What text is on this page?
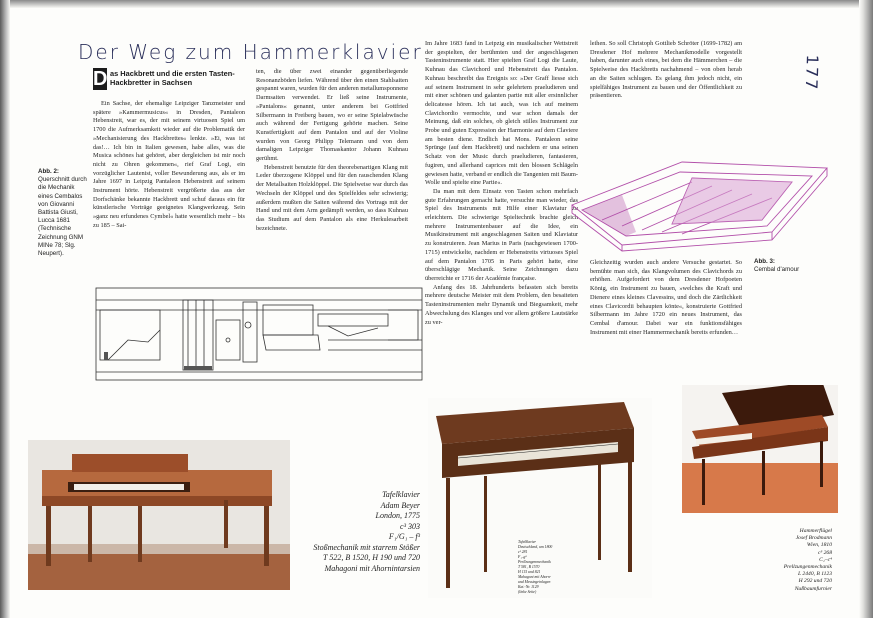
Der Weg zum Hammerklavier
177
D as Hackbrett und die ersten Tasten-Hackbretter in Sachsen

Ein Sachse, der ehemalige Leipziger Tanzmeister und spätere »Kammermusicus« in Dresden, Pantaleon Hebenstreit, war es, der mit seinem virtuosen Spiel um 1700 die Aufmerksamkeit wieder auf die Problematik der »Mechanisierung des Hackbrettes« lenkte. »Ei, was ist das!… Ich bin in Italien gewesen, habe alles, was die Musica schönes hat gehöret, aber dergleichen ist mir noch nicht zu Ohren gekommen«, rief Graf Logi, ein vorzüglicher Lautenist, voller Bewunderung aus, als er im Jahre 1697 in Leipzig Pantaleon Hebenstreit auf seinem Instrument hörte. Hebenstreit vergrößerte das aus der Dorfschänke bekannte Hackbrett und schuf daraus ein für künstlerische Vorträge geeignetes Klangwerkzeug. Sein »ganz neu erfundenes Cymbel« hatte wesentlich mehr – bis zu 185 – Sai-

ten, die über zwei einander gegenüberliegende Resonanzböden liefen. Während über den einen Stahlsaiten gespannt waren, wurden für den anderen metallumsponnene Darmsaiten verwendet. Er ließ seine Instrumente, »Pantalons« genannt, unter anderem bei Gottfried Silbermann in Freiberg bauen, wo er seine Spielabwüsche auch während der Fertigung gehörte machen. Seine Kunstfertigkeit auf dem Pantalon und auf der Violine wurden von Georg Philipp Telemann und von dem damaligen Leipziger Thomaskantor Johann Kuhnau gerühmt.

Hebenstreit benutzte für den theorebenartigen Klang mit Leder überzogene Klöppel und für den rauschenden Klang der Metallsaiten Holzklöppel. Die Spielweise war durch das Wechseln der Klöppel und des Spielfeldes sehr schwierig; außerdem mußten die Saiten während des Vortrags mit der Hand und mit dem Arm gedämpft werden, so dass Kuhnau das Studium auf dem Pantalon als eine Herkulesarbeit bezeichnete.

Im Jahre 1683 fand in Leipzig ein musikalischer Wettstreit der gespielten, der berühmten und der angeschlagenen Tasteninstrumente statt. Hier spielten Graf Logi die Laute, Kuhnau das Clavichord und Hebenstreit das Pantalon. Kuhnau beschreibt das Ereignis so: »Der Graff liesse sich auf seinem Instrument in sehr gelehrtem praeludieren und mit einer schönen und galanten partie mit aller ersinnlicher delicatesse hören. Ich tat auch, was ich auf meinem Clavichordio vermochte, und war schon damals der Meinung, daß ein solches, ob gleich stilles Instrument zur Probe und guten Expression der Harmonie auf dem Claviere am besten diene. Endlich hat Mons. Pantaleon seine Sprünge (auf dem Hackbrett) und nachdem er una seinen Schatz von der Music durch praeludieren, fantasieren, fugiren, und allerhand caprices mit den blossen Schlägeln gewiesen hatte, verband er endlich die Tangenten mit Baum-Wolle und spielte eine Partie«.

Da man mit dem Einsatz von Tasten schon mehrfach gute Erfahrungen gemacht hatte, versuchte man wieder, das Spiel des Instruments mit Hilfe einer Klaviatur zu erleichtern. Die schwierige Spieltechnik brachte gleich mehrere Instrumentenbauer auf die Idee, ein Musikinstrument mit angeschlagenen Saiten und Klaviatur zu konstruieren. Jean Marius in Paris (nachgewiesen 1700-1715) entwickelte, nachdem er Hebenstreits virtuoses Spiel auf dem Pantalon 1705 in Paris gehört hatte, eine überschlägige Mechanik. Seine Zeichnungen dazu überreichte er 1716 der Académie française.

Anfang des 18. Jahrhunderts befassten sich bereits mehrere deutsche Meister mit dem Problem, den besaiteten Tasteninstrumenten mehr Dynamik und Biegsamkeit, mehr Abwechslung des Klanges und vor allem größere Lautstärke zu ver-

leihen. So soll Christoph Gottlieb Schröter (1699-1782) am Dresdener Hof mehrere Mechanikmodelle vorgestellt haben, darunter auch eines, bei dem die Hämmerchen – die Spielweise des Hackbretts nachahmend – von oben herab an die Saiten schlugen. Es gelang ihm jedoch nicht, ein spielfähiges Instrument zu bauen und der Öffentlichkeit zu präsentieren.

Gleichzeitig wurden auch andere Versuche gestartet. So bemühte man sich, das Klangvolumen des Clavichords zu erhöhen. Aufgefordert von dem Dresdener Hofpoeten König, ein Instrument zu bauen, »welches die Kraft und Dienere eines kleines Clavessins, und doch die Zärtlichkeit eines Clavicordii behaupten könte«, konstruierte Gottfried Silbermann im Jahre 1720 ein neues Instrument, das Cembal d'amour. Dabei war ein funktionsfähiges Instrument mit einer Hammermechanik bereits erfunden…

Abb. 2:
Querschnitt durch die Mechanik eines Cembalos von Giovanni Battista Giusti, Lucca 1681 (Technische Zeichnung GNM MINe 78; Slg. Neupert).
Abb. 3:
Cembal d'amour
Tafelklavier
Adam Beyer
London, 1775
c³ 303
F₁/G₁ – f³
Stoßmechanik mit starrem Stößer
T 522, B 1520, H 190 und 720
Mahagoni mit Ahornintarsien
Tafelklavier
Deutschland, um 1800
c³ 281
F₁–g³
Prellzungenmechanik
T 581, B 1570
H 115 und 821
Mahagoni mit Ahorn-
und Messingeinlagen
Kat.-Nr. 1129
(linke Seite)
Hammerflügel
Josef Brodmann
Wien, 1810
c³ 268
C₁–c⁴
Prellzungenmechanik
L 2440, B 1123
H 292 und 720
Nußbaumfurnier
